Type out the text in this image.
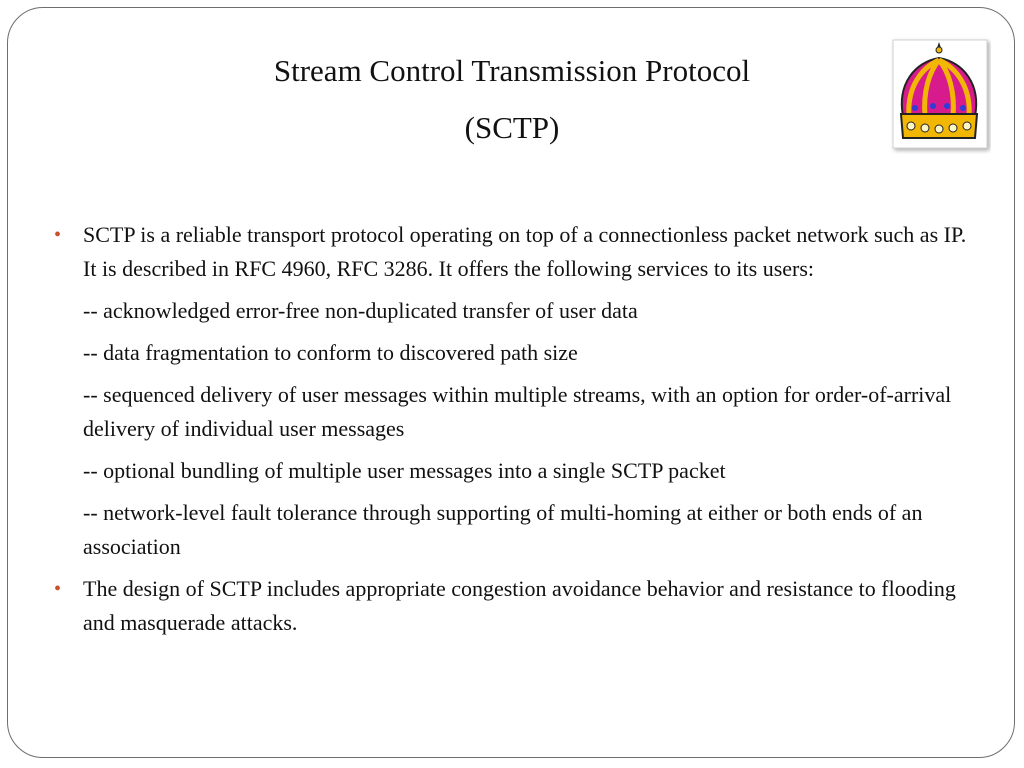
Stream Control Transmission Protocol
(SCTP)
• SCTP is a reliable transport protocol operating on top of a connectionless packet network such as IP. It is described in RFC 4960, RFC 3286. It offers the following services to its users:

-- acknowledged error-free non-duplicated transfer of user data

-- data fragmentation to conform to discovered path size

-- sequenced delivery of user messages within multiple streams, with an option for order-of-arrival delivery of individual user messages

-- optional bundling of multiple user messages into a single SCTP packet

-- network-level fault tolerance through supporting of multi-homing at either or both ends of an association

• The design of SCTP includes appropriate congestion avoidance behavior and resistance to flooding and masquerade attacks.
